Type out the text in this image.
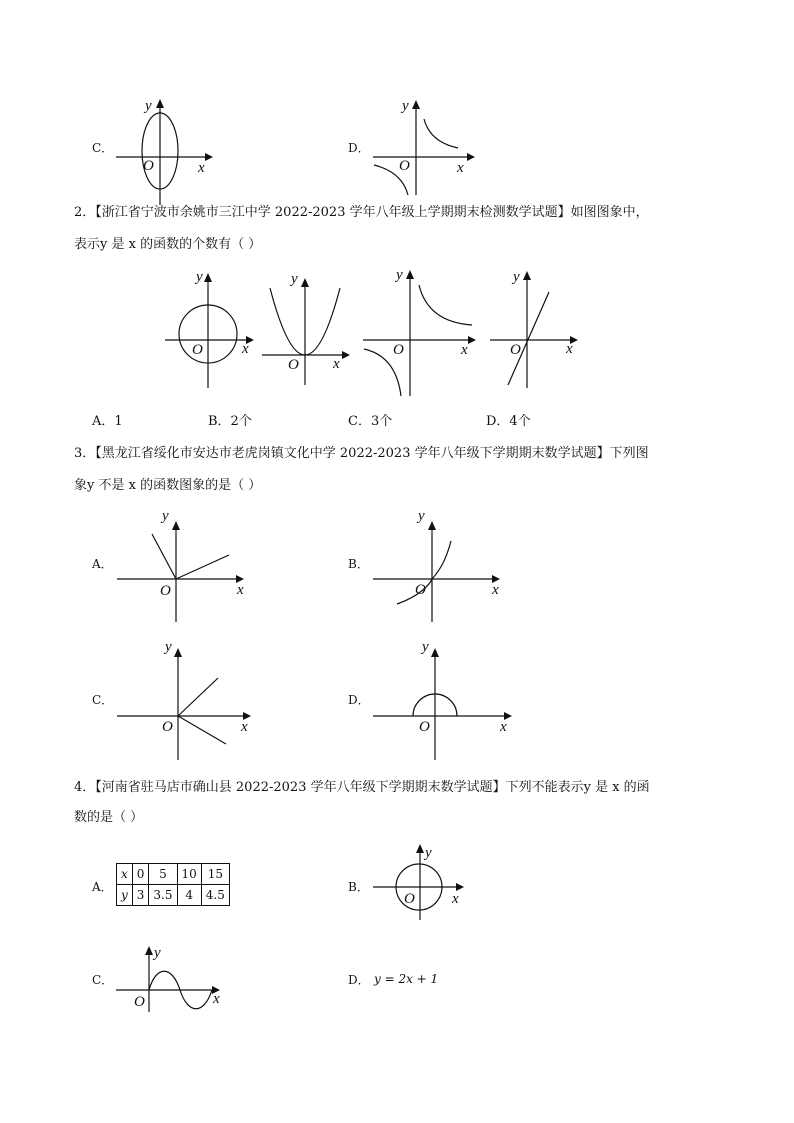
C．
y
O	x
D．
y
O	x
2．【浙江省宁波市余姚市三江中学 2022-2023 学年八年级上学期期末检测数学试题】如图图象中，
表示y 是 x 的函数的个数有（ ）
y
O	x
y
O x
y
O	x
y
O	x
A．1	B．2个	C．3个	D．4个
3．【黑龙江省绥化市安达市老虎岗镇文化中学 2022-2023 学年八年级下学期期末数学试题】下列图
象y 不是 x 的函数图象的是（ ）
A．
y
O	x
B．
y
O	x
C．
y
O	x
D．
y
O	x
4．【河南省驻马店市确山县 2022-2023 学年八年级下学期期末数学试题】下列不能表示y 是 x 的函
数的是（ ）
A．
x	0	5	10	15
y	3	3.5	4	4.5
B．
y
O x
C．
y
O	x
D． y = 2x + 1
